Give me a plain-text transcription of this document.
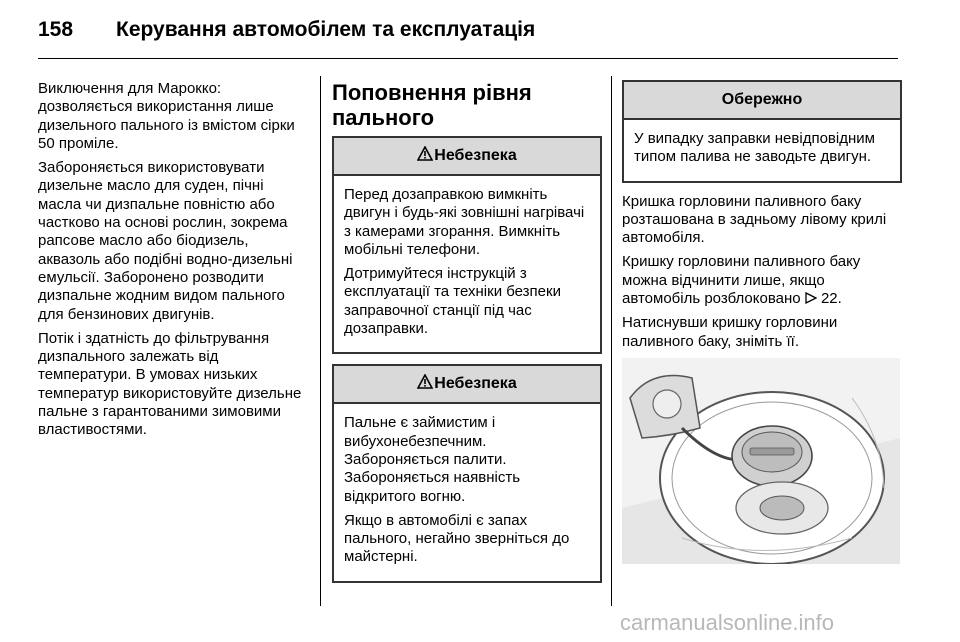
158	Керування автомобілем та експлуатація

Виключення для Марокко: дозволяється використання лише дизельного пального із вмістом сірки 50 проміле.

Забороняється використовувати дизельне масло для суден, пічні масла чи дизпальне повністю або частково на основі рослин, зокрема рапсове масло або біодизель, аквазоль або подібні водно-дизельні емульсії. Заборонено розводити дизпальне жодним видом пального для бензинових двигунів.

Потік і здатність до фільтрування дизпального залежать від температури. В умовах низьких температур використовуйте дизельне пальне з гарантованими зимовими властивостями.

Поповнення рівня пального
Небезпека

Перед дозаправкою вимкніть двигун і будь-які зовнішні нагрівачі з камерами згорання. Вимкніть мобільні телефони.

Дотримуйтеся інструкцій з експлуатації та техніки безпеки заправочної станції під час дозаправки.

Небезпека

Пальне є займистим і вибухонебезпечним. Забороняється палити. Забороняється наявність відкритого вогню.

Якщо в автомобілі є запах пального, негайно зверніться до майстерні.

Обережно

У випадку заправки невідповідним типом палива не заводьте двигун.

Кришка горловини паливного баку розташована в задньому лівому крилі автомобіля.

Кришку горловини паливного баку можна відчинити лише, якщо автомобіль розблоковано 22.

Натиснувши кришку горловини паливного баку, зніміть її.

carmanualsonline.info
